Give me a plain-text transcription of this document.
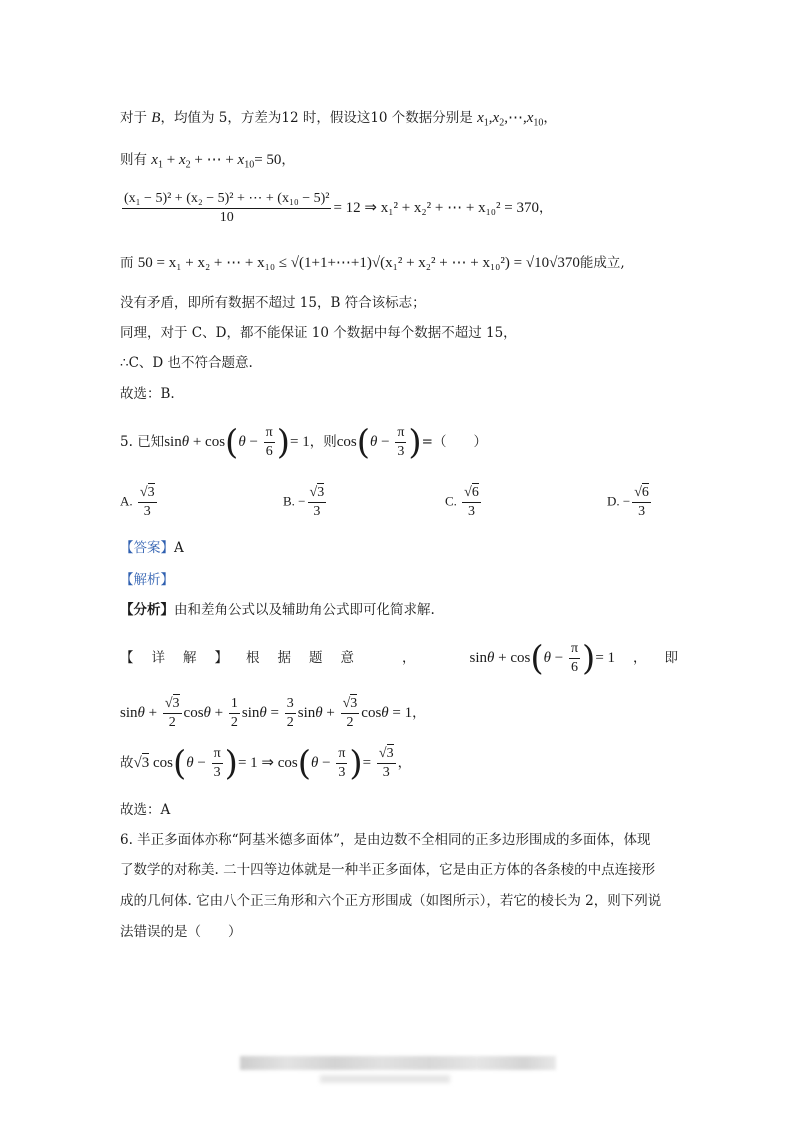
对于 B，均值为 5，方差为12 时，假设这10 个数据分别是 $x_1,x_2,\cdots,x_{10}$，
则有 $x_1 + x_2$ + ⋯ + $x_{10}= 50$，
$\frac{\text{(x₁ − 5)² + (x₂ − 5)² + ⋯ + (x₁₀ − 5)²}}{10} = 12$ ⇒ x₁² + x₂² + ⋯ + x₁₀² = 370，
而 50 = x₁ + x₂ + ⋯ + x₁₀ ≤ √(1+1+⋯+1)√(x₁² + x₂² + ⋯ + x₁₀²) = √10√370能成立,
没有矛盾，即所有数据不超过 15，B 符合该标志；
同理，对于 C、D，都不能保证 10 个数据中每个数据不超过 15，
∴C、D 也不符合题意.
故选：B.
5. 已知$\sin\theta + \cos(\theta - \frac{\pi}{6}$ )= 1，则$\cos(\theta - \frac{\pi}{3}$ )=（　　）
A. $\frac{√3}{3}$	B. − $\frac{√3}{3}$	C. $\frac{√6}{3}$	D. − $\frac{√6}{3}$
【答案】A
【解析】
【分析】由和差角公式以及辅助角公式即可化简求解.
【详解】根据题意 ，	$\sin\theta + \cos(\theta - \frac{\pi}{6}$ )= 1 ，即
$\sin\theta + \frac{√3}{2}$ $\cos\theta + \frac{1}{2}$ $\sin\theta = \frac{3}{2}$ $\sin\theta + \frac{√3}{2}$ cosθ = 1，
故√3 $\cos(\theta - \frac{\pi}{3}$ )= 1 ⇒ $\cos(\theta - \frac{\pi}{3}$ )= $\frac{√3}{3}$ ，
故选：A
6. 半正多面体亦称“阿基米德多面体”，是由边数不全相同的正多边形围成的多面体，体现
了数学的对称美. 二十四等边体就是一种半正多面体，它是由正方体的各条棱的中点连接形
成的几何体. 它由八个正三角形和六个正方形围成（如图所示），若它的棱长为 2，则下列说
法错误的是（　　）
